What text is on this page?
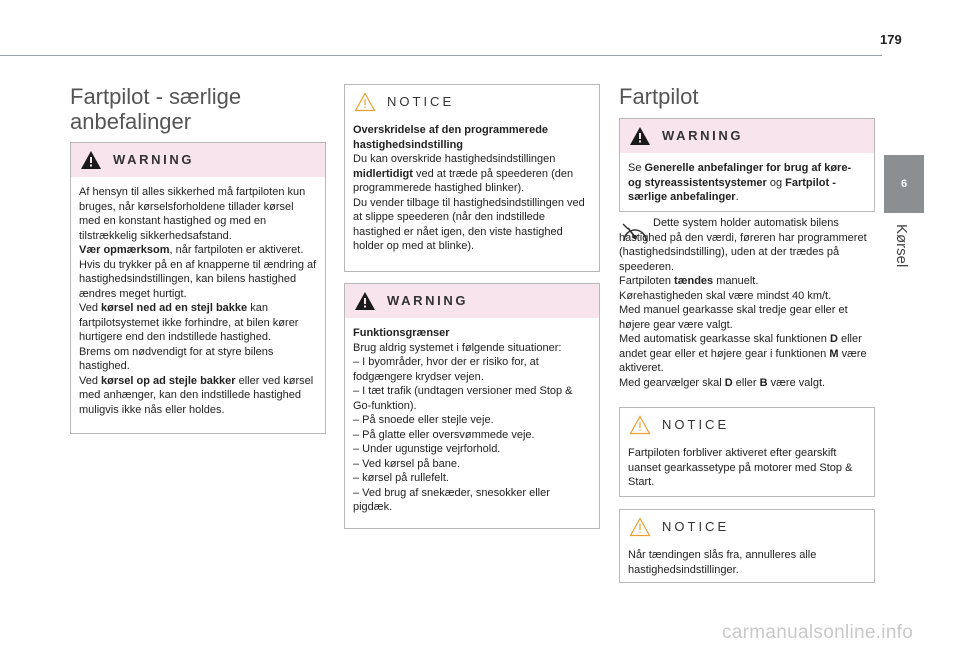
179
6
Kørsel
Fartpilot - særlige anbefalinger
WARNING

Af hensyn til alles sikkerhed må fartpiloten kun bruges, når kørselsforholdene tillader kørsel med en konstant hastighed og med en tilstrækkelig sikkerhedsafstand.

Vær opmærksom, når fartpiloten er aktiveret.

Hvis du trykker på en af knapperne til ændring af hastighedsindstillingen, kan bilens hastighed ændres meget hurtigt.

Ved kørsel ned ad en stejl bakke kan fartpilotsystemet ikke forhindre, at bilen kører hurtigere end den indstillede hastighed.

Brems om nødvendigt for at styre bilens hastighed.

Ved kørsel op ad stejle bakker eller ved kørsel med anhænger, kan den indstillede hastighed muligvis ikke nås eller holdes.

NOTICE

Overskridelse af den programmerede hastighedsindstilling

Du kan overskride hastighedsindstillingen midlertidigt ved at træde på speederen (den programmerede hastighed blinker).

Du vender tilbage til hastighedsindstillingen ved at slippe speederen (når den indstillede hastighed er nået igen, den viste hastighed holder op med at blinke).

WARNING

Funktionsgrænser

Brug aldrig systemet i følgende situationer:

– I byområder, hvor der er risiko for, at fodgængere krydser vejen.

– I tæt trafik (undtagen versioner med Stop & Go-funktion).

– På snoede eller stejle veje.

– På glatte eller oversvømmede veje.

– Under ugunstige vejrforhold.

– Ved kørsel på bane.

– kørsel på rullefelt.

– Ved brug af snekæder, snesokker eller pigdæk.

Fartpilot
WARNING

Se Generelle anbefalinger for brug af køre- og styreassistentsystemer og Fartpilot - særlige anbefalinger.

Dette system holder automatisk bilens hastighed på den værdi, føreren har programmeret (hastighedsindstilling), uden at der trædes på speederen.

Fartpiloten tændes manuelt.

Kørehastigheden skal være mindst 40 km/t.

Med manuel gearkasse skal tredje gear eller et højere gear være valgt.

Med automatisk gearkasse skal funktionen D eller andet gear eller et højere gear i funktionen M være aktiveret.

Med gearvælger skal D eller B være valgt.

NOTICE

Fartpiloten forbliver aktiveret efter gearskift uanset gearkassetype på motorer med Stop & Start.

NOTICE

Når tændingen slås fra, annulleres alle hastighedsindstillinger.

carmanualsonline.info
